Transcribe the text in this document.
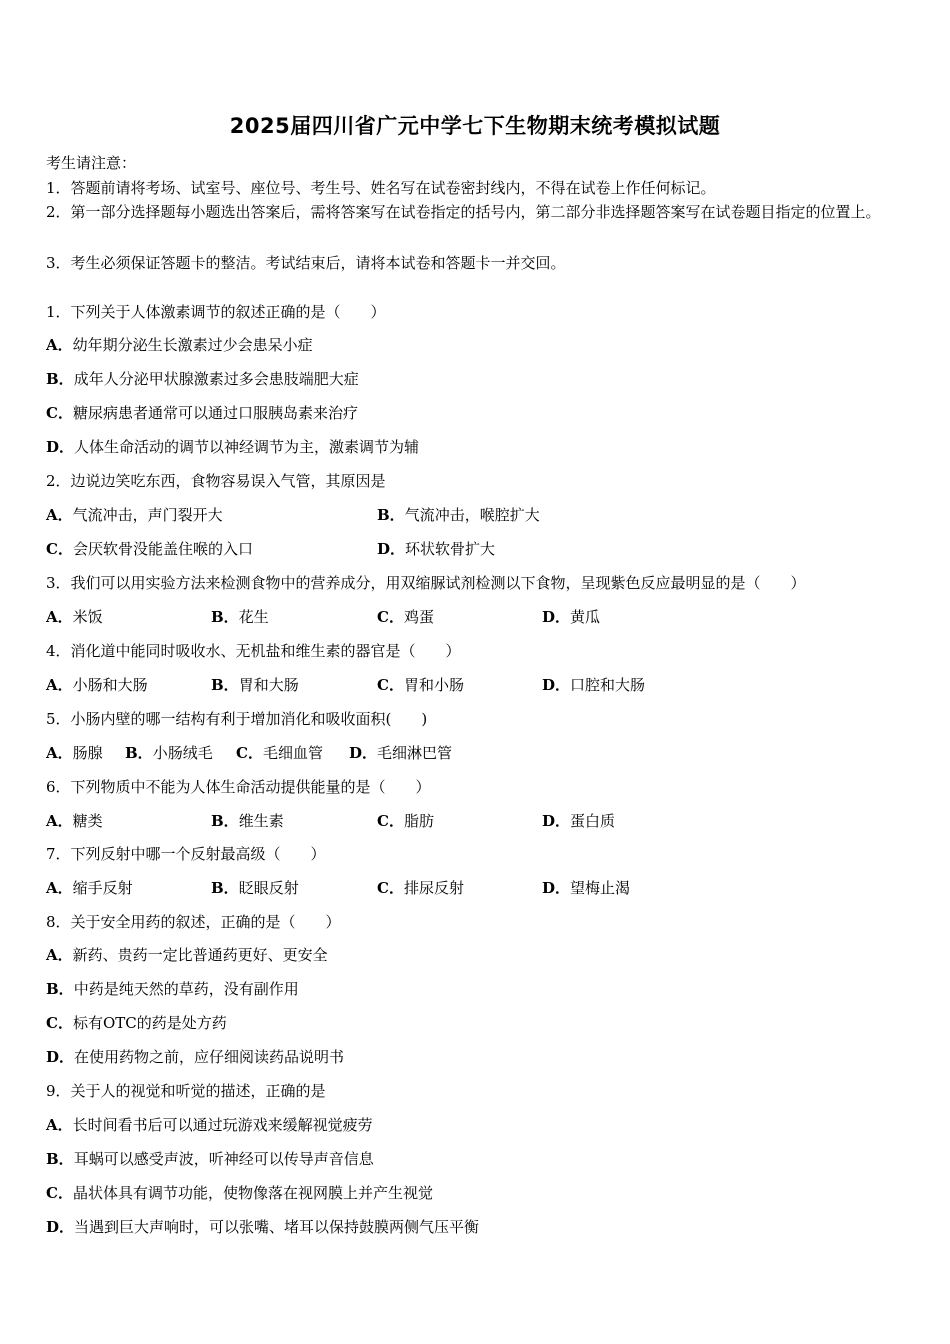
2025届四川省广元中学七下生物期末统考模拟试题
考生请注意：
1．答题前请将考场、试室号、座位号、考生号、姓名写在试卷密封线内，不得在试卷上作任何标记。
2．第一部分选择题每小题选出答案后，需将答案写在试卷指定的括号内，第二部分非选择题答案写在试卷题目指定的位置上。
3．考生必须保证答题卡的整洁。考试结束后，请将本试卷和答题卡一并交回。
1．下列关于人体激素调节的叙述正确的是（　　）
A．幼年期分泌生长激素过少会患呆小症
B．成年人分泌甲状腺激素过多会患肢端肥大症
C．糖尿病患者通常可以通过口服胰岛素来治疗
D．人体生命活动的调节以神经调节为主，激素调节为辅
2．边说边笑吃东西，食物容易误入气管，其原因是
A．气流冲击，声门裂开大	B．气流冲击，喉腔扩大
C．会厌软骨没能盖住喉的入口	D．环状软骨扩大
3．我们可以用实验方法来检测食物中的营养成分，用双缩脲试剂检测以下食物，呈现紫色反应最明显的是（　　）
A．米饭	B．花生	C．鸡蛋	D．黄瓜
4．消化道中能同时吸收水、无机盐和维生素的器官是（　　）
A．小肠和大肠	B．胃和大肠	C．胃和小肠	D．口腔和大肠
5．小肠内壁的哪一结构有利于增加消化和吸收面积(　　)
A．肠腺 B．小肠绒毛 C．毛细血管 D．毛细淋巴管
6．下列物质中不能为人体生命活动提供能量的是（　　）
A．糖类	B．维生素	C．脂肪	D．蛋白质
7．下列反射中哪一个反射最高级（　　）
A．缩手反射	B．眨眼反射	C．排尿反射	D．望梅止渴
8．关于安全用药的叙述，正确的是（　　）
A．新药、贵药一定比普通药更好、更安全
B．中药是纯天然的草药，没有副作用
C．标有OTC的药是处方药
D．在使用药物之前，应仔细阅读药品说明书
9．关于人的视觉和听觉的描述，正确的是
A．长时间看书后可以通过玩游戏来缓解视觉疲劳
B．耳蜗可以感受声波，听神经可以传导声音信息
C．晶状体具有调节功能，使物像落在视网膜上并产生视觉
D．当遇到巨大声响时，可以张嘴、堵耳以保持鼓膜两侧气压平衡
